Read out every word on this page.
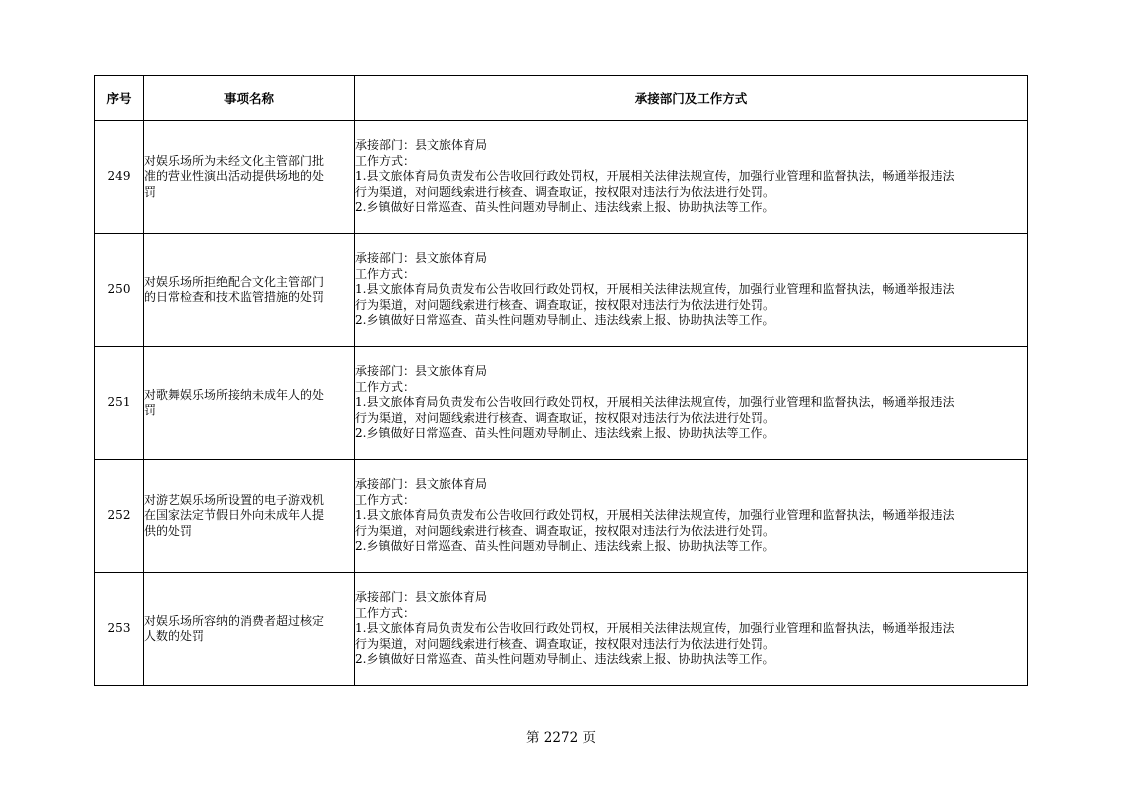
序号	事项名称	承接部门及工作方式
249	对娱乐场所为未经文化主管部门批
准的营业性演出活动提供场地的处
罚	承接部门：县文旅体育局
工作方式：
1.县文旅体育局负责发布公告收回行政处罚权，开展相关法律法规宣传，加强行业管理和监督执法，畅通举报违法
行为渠道，对问题线索进行核查、调查取证，按权限对违法行为依法进行处罚。
2.乡镇做好日常巡查、苗头性问题劝导制止、违法线索上报、协助执法等工作。

250	对娱乐场所拒绝配合文化主管部门
的日常检查和技术监管措施的处罚	承接部门：县文旅体育局
工作方式：
1.县文旅体育局负责发布公告收回行政处罚权，开展相关法律法规宣传，加强行业管理和监督执法，畅通举报违法
行为渠道，对问题线索进行核查、调查取证，按权限对违法行为依法进行处罚。
2.乡镇做好日常巡查、苗头性问题劝导制止、违法线索上报、协助执法等工作。

251	对歌舞娱乐场所接纳未成年人的处
罚	承接部门：县文旅体育局
工作方式：
1.县文旅体育局负责发布公告收回行政处罚权，开展相关法律法规宣传，加强行业管理和监督执法，畅通举报违法
行为渠道，对问题线索进行核查、调查取证，按权限对违法行为依法进行处罚。
2.乡镇做好日常巡查、苗头性问题劝导制止、违法线索上报、协助执法等工作。

252	对游艺娱乐场所设置的电子游戏机
在国家法定节假日外向未成年人提
供的处罚	承接部门：县文旅体育局
工作方式：
1.县文旅体育局负责发布公告收回行政处罚权，开展相关法律法规宣传，加强行业管理和监督执法，畅通举报违法
行为渠道，对问题线索进行核查、调查取证，按权限对违法行为依法进行处罚。
2.乡镇做好日常巡查、苗头性问题劝导制止、违法线索上报、协助执法等工作。

253	对娱乐场所容纳的消费者超过核定
人数的处罚	承接部门：县文旅体育局
工作方式：
1.县文旅体育局负责发布公告收回行政处罚权，开展相关法律法规宣传，加强行业管理和监督执法，畅通举报违法
行为渠道，对问题线索进行核查、调查取证，按权限对违法行为依法进行处罚。
2.乡镇做好日常巡查、苗头性问题劝导制止、违法线索上报、协助执法等工作。
第 2272 页
